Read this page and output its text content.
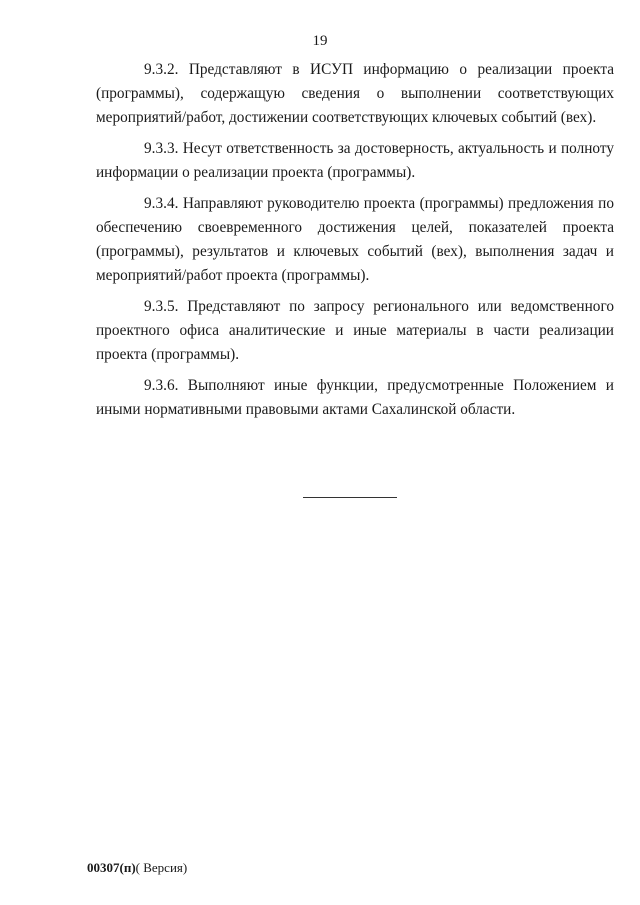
19

9.3.2. Представляют в ИСУП информацию о реализации проекта (программы), содержащую сведения о выполнении соответствующих мероприятий/работ, достижении соответствующих ключевых событий (вех).

9.3.3. Несут ответственность за достоверность, актуальность и полноту информации о реализации проекта (программы).

9.3.4. Направляют руководителю проекта (программы) предложения по обеспечению своевременного достижения целей, показателей проекта (программы), результатов и ключевых событий (вех), выполнения задач и мероприятий/работ проекта (программы).

9.3.5. Представляют по запросу регионального или ведомственного проектного офиса аналитические и иные материалы в части реализации проекта (программы).

9.3.6. Выполняют иные функции, предусмотренные Положением и иными нормативными правовыми актами Сахалинской области.

00307(п)( Версия)
